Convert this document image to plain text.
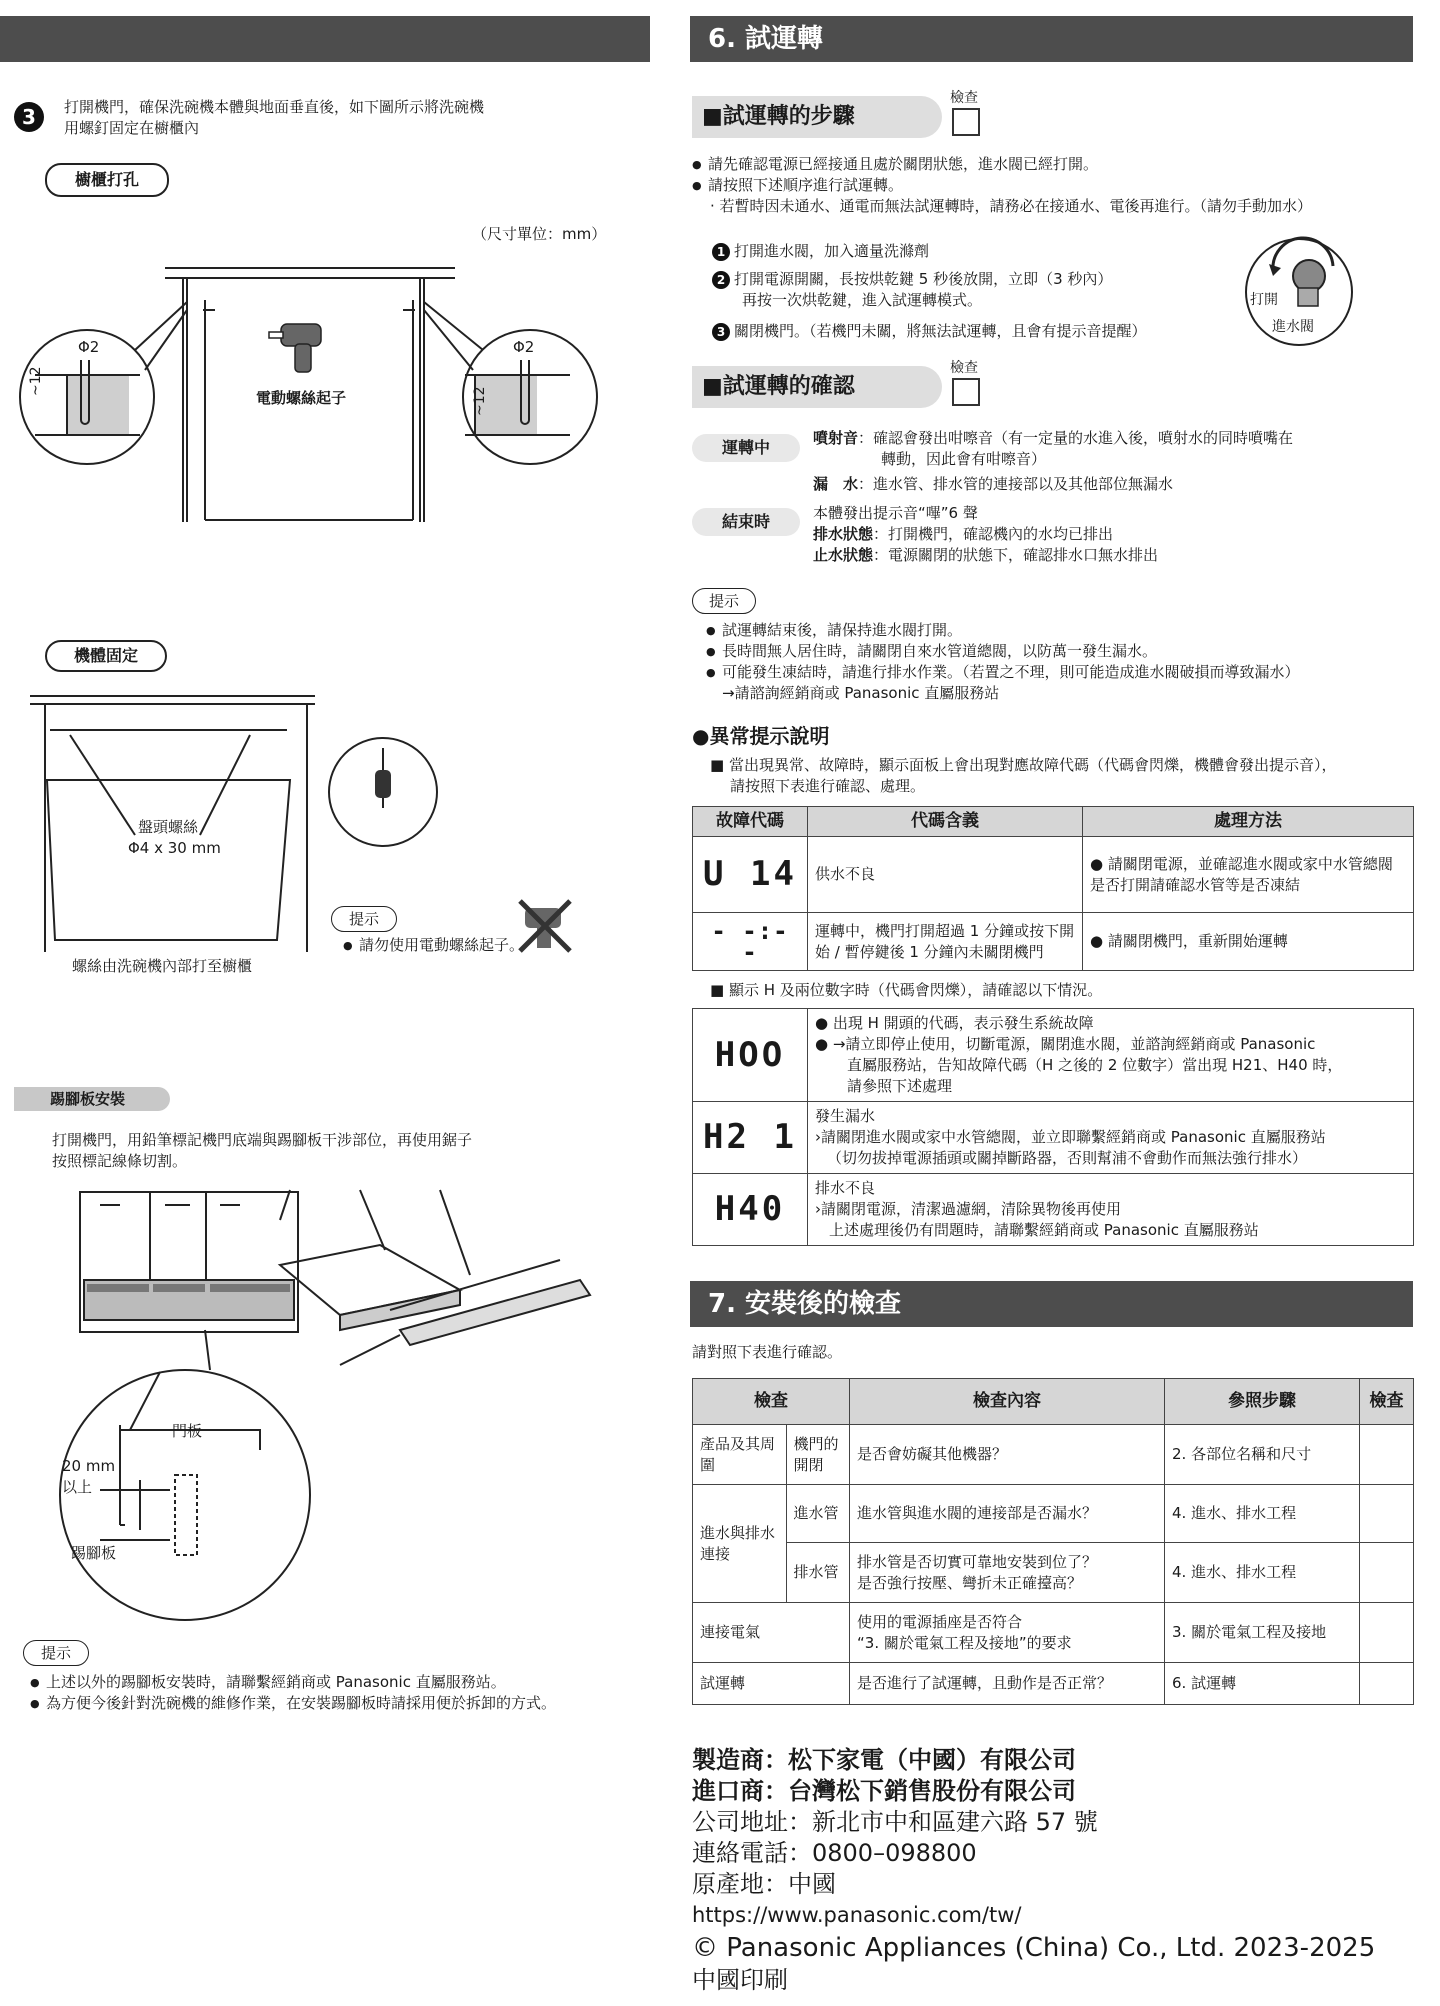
3	打開機門，確保洗碗機本體與地面垂直後，如下圖所示將洗碗機
用螺釘固定在櫥櫃內
櫥櫃打孔
（尺寸單位：mm）
Φ2	Φ2
~12
~12
電動螺絲起子
機體固定
盤頭螺絲
Φ4 x 30 mm
提示
● 請勿使用電動螺絲起子。
螺絲由洗碗機內部打至櫥櫃
踢腳板安裝
打開機門，用鉛筆標記機門底端與踢腳板干涉部位，再使用鋸子
按照標記線條切割。
門板
20 mm
以上
踢腳板
提示
● 上述以外的踢腳板安裝時，請聯繫經銷商或 Panasonic 直屬服務站。
● 為方便今後針對洗碗機的維修作業，在安裝踢腳板時請採用便於拆卸的方式。
6. 試運轉
■試運轉的步驟
檢查
● 請先確認電源已經接通且處於關閉狀態，進水閥已經打開。
● 請按照下述順序進行試運轉。
· 若暫時因未通水、通電而無法試運轉時，請務必在接通水、電後再進行。（請勿手動加水）
1 打開進水閥，加入適量洗滌劑
2 打開電源開關，長按烘乾鍵 5 秒後放開，立即（3 秒內）
再按一次烘乾鍵，進入試運轉模式。
3 關閉機門。（若機門未關，將無法試運轉，且會有提示音提醒）
打開
進水閥
■試運轉的確認
檢查
運轉中	噴射音：確認會發出咁嚓音（有一定量的水進入後，噴射水的同時噴嘴在
轉動，因此會有咁嚓音）
漏　水：進水管、排水管的連接部以及其他部位無漏水
結束時	本體發出提示音“嗶”6 聲
排水狀態：打開機門，確認機內的水均已排出
止水狀態：電源關閉的狀態下，確認排水口無水排出
提示
● 試運轉結束後，請保持進水閥打開。
● 長時間無人居住時，請關閉自來水管道總閥，以防萬一發生漏水。
● 可能發生凍結時，請進行排水作業。（若置之不理，則可能造成進水閥破損而導致漏水）
→請諮詢經銷商或 Panasonic 直屬服務站
●異常提示說明
■ 當出現異常、故障時，顯示面板上會出現對應故障代碼（代碼會閃爍，機體會發出提示音），
請按照下表進行確認、處理。
故障代碼	代碼含義	處理方法
U 14	供水不良	● 請關閉電源，並確認進水閥或家中水管總閥是否打開請確認水管等是否凍結
- -:- -	運轉中，機門打開超過 1 分鐘或按下開始 / 暫停鍵後 1 分鐘內未關閉機門	● 請關閉機門，重新開始運轉
■ 顯示 H 及兩位數字時（代碼會閃爍），請確認以下情況。
HOO	● 出現 H 開頭的代碼，表示發生系統故障
● →請立即停止使用，切斷電源，關閉進水閥，並諮詢經銷商或 Panasonic
直屬服務站，告知故障代碼（H 之後的 2 位數字）當出現 H21、H40 時，
請參照下述處理

H2 1	發生漏水
›請關閉進水閥或家中水管總閥，並立即聯繫經銷商或 Panasonic 直屬服務站
（切勿拔掉電源插頭或關掉斷路器，否則幫浦不會動作而無法強行排水）

H40	排水不良
›請關閉電源，清潔過濾網，清除異物後再使用
上述處理後仍有問題時，請聯繫經銷商或 Panasonic 直屬服務站
7. 安裝後的檢查
請對照下表進行確認。
檢查		檢查內容	參照步驟	檢查
產品及其周圍	機門的開閉	是否會妨礙其他機器？	2. 各部位名稱和尺寸	
進水與排水連接	進水管	進水管與進水閥的連接部是否漏水？	4. 進水、排水工程	
	排水管	排水管是否切實可靠地安裝到位了？
是否強行按壓、彎折未正確擡高？	4. 進水、排水工程	
連接電氣		使用的電源插座是否符合
“3. 關於電氣工程及接地”的要求	3. 關於電氣工程及接地	
試運轉		是否進行了試運轉，且動作是否正常？	6. 試運轉	
製造商：松下家電（中國）有限公司
進口商：台灣松下銷售股份有限公司
公司地址：新北市中和區建六路 57 號
連絡電話：0800–098800
原產地：中國
https://www.panasonic.com/tw/
© Panasonic Appliances (China) Co., Ltd. 2023-2025
中國印刷
